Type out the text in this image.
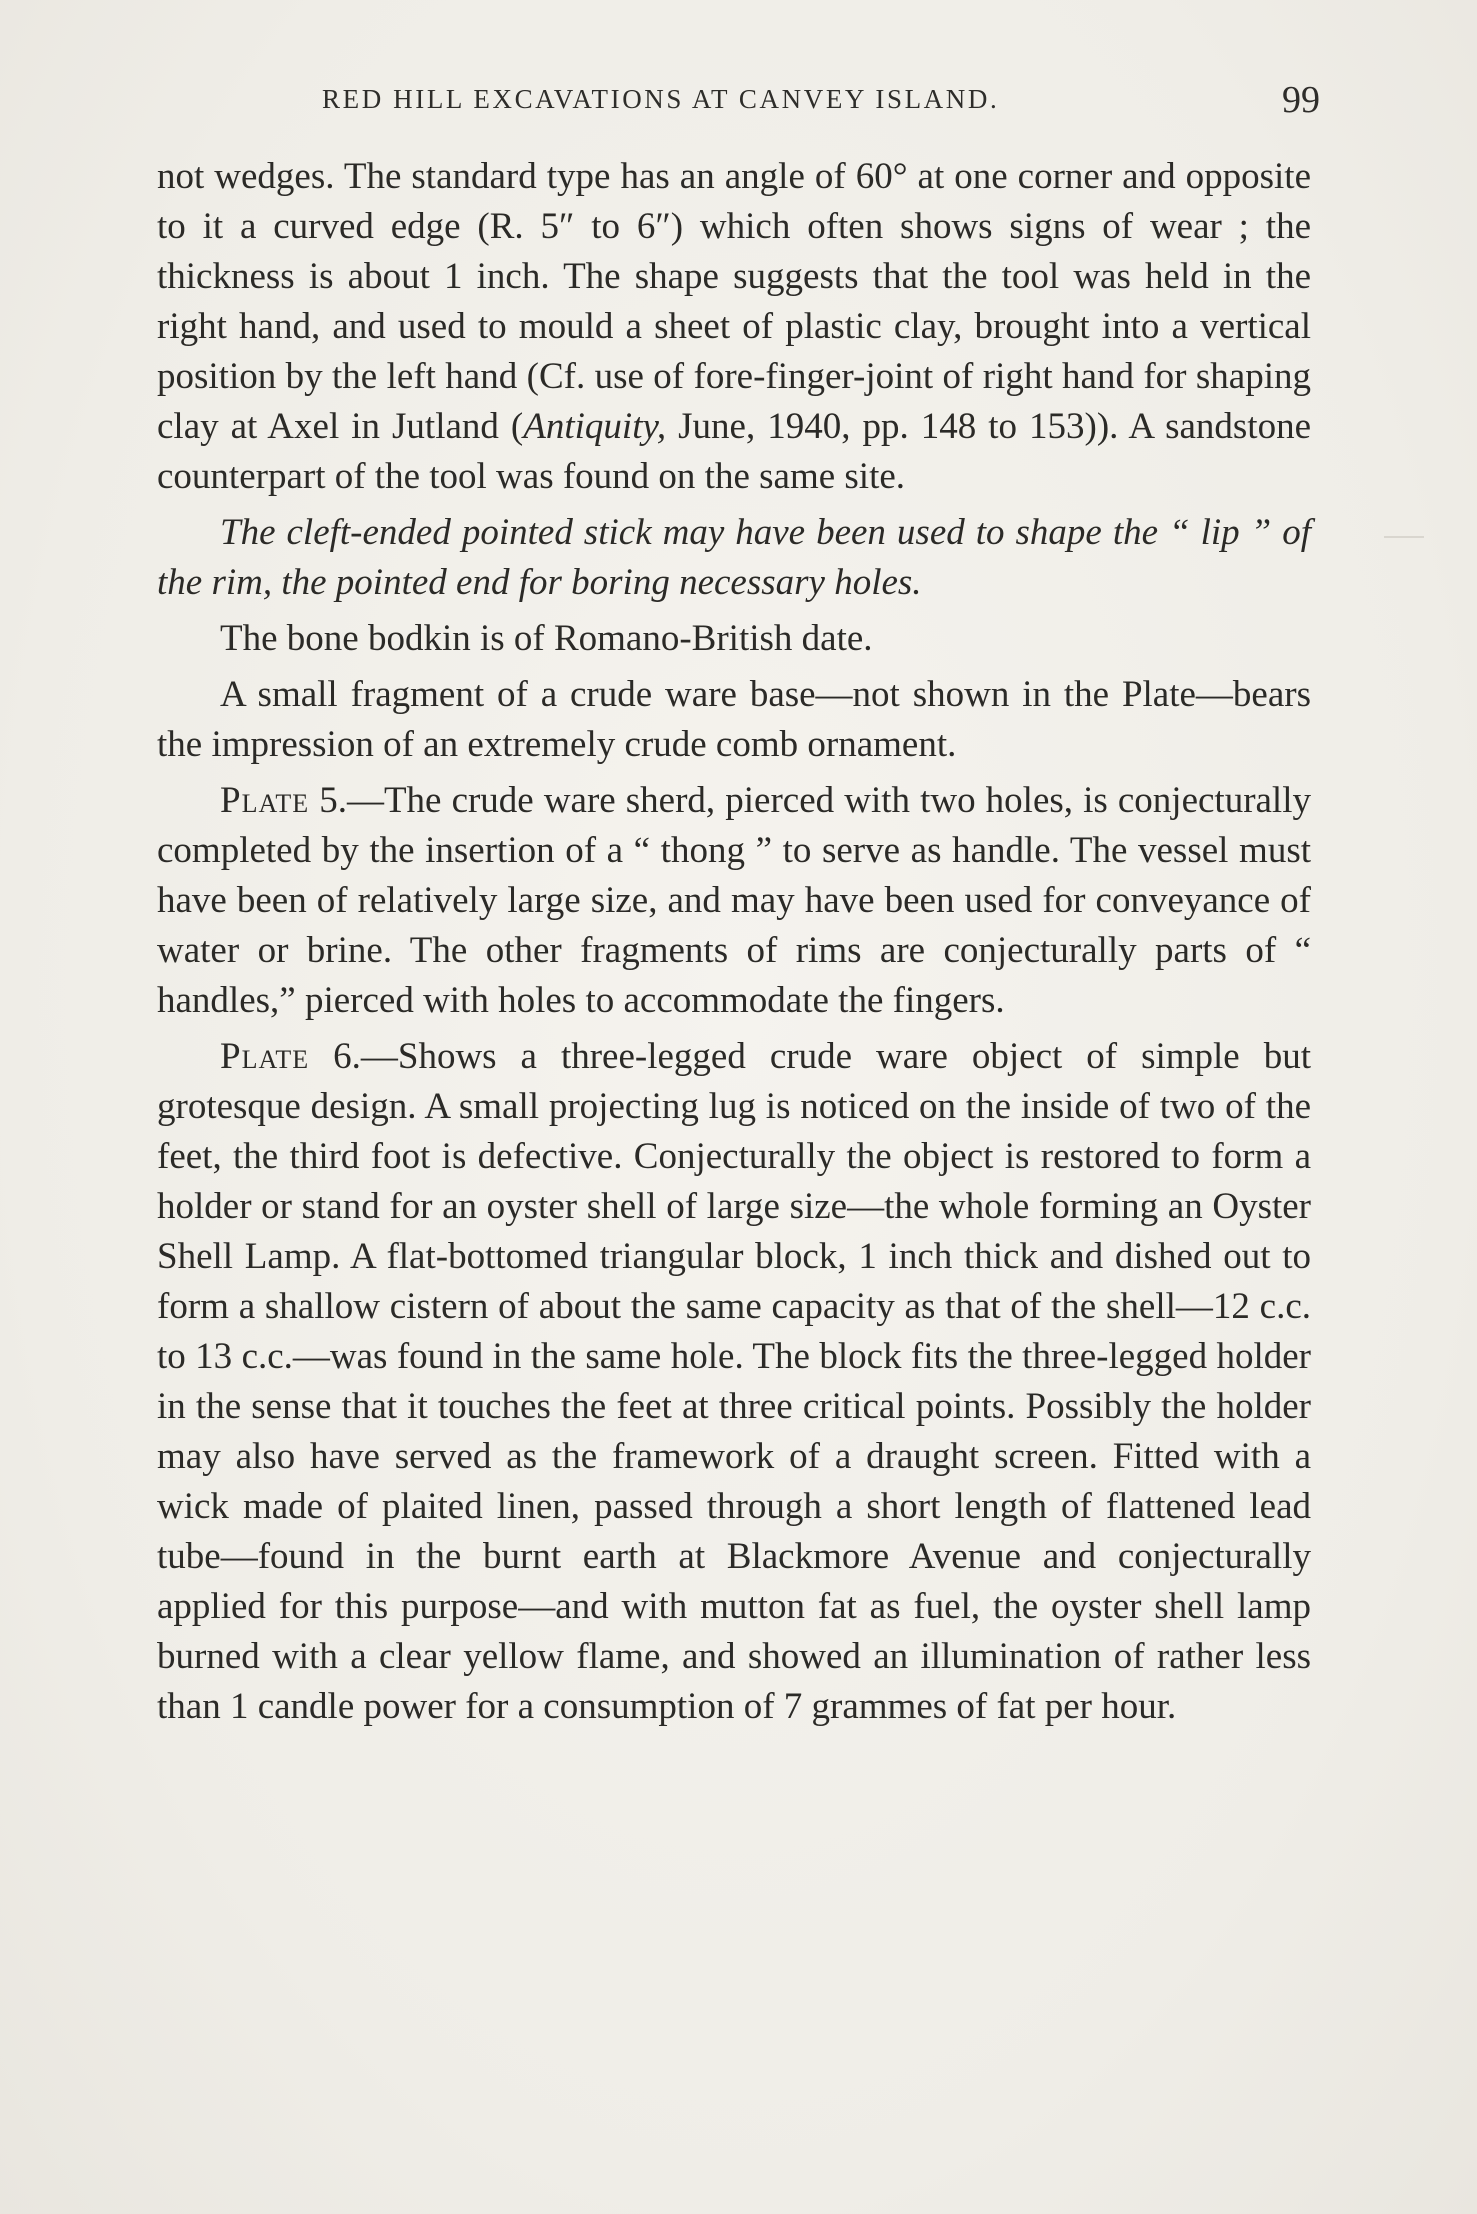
RED HILL EXCAVATIONS AT CANVEY ISLAND.	99

not wedges. The standard type has an angle of 60° at one corner and opposite to it a curved edge (R. 5″ to 6″) which often shows signs of wear ; the thickness is about 1 inch. The shape suggests that the tool was held in the right hand, and used to mould a sheet of plastic clay, brought into a vertical position by the left hand (Cf. use of fore-finger-joint of right hand for shaping clay at Axel in Jutland (Antiquity, June, 1940, pp. 148 to 153)). A sandstone counterpart of the tool was found on the same site.

The cleft-ended pointed stick may have been used to shape the “ lip ” of the rim, the pointed end for boring necessary holes.

The bone bodkin is of Romano-British date.

A small fragment of a crude ware base—not shown in the Plate—bears the impression of an extremely crude comb ornament.

Plate 5.—The crude ware sherd, pierced with two holes, is conjecturally completed by the insertion of a “ thong ” to serve as handle. The vessel must have been of relatively large size, and may have been used for conveyance of water or brine. The other fragments of rims are conjecturally parts of “ handles,” pierced with holes to accommodate the fingers.

Plate 6.—Shows a three-legged crude ware object of simple but grotesque design. A small projecting lug is noticed on the inside of two of the feet, the third foot is defective. Conjecturally the object is restored to form a holder or stand for an oyster shell of large size—the whole forming an Oyster Shell Lamp. A flat-bottomed triangular block, 1 inch thick and dished out to form a shallow cistern of about the same capacity as that of the shell—12 c.c. to 13 c.c.—was found in the same hole. The block fits the three-legged holder in the sense that it touches the feet at three critical points. Possibly the holder may also have served as the framework of a draught screen. Fitted with a wick made of plaited linen, passed through a short length of flattened lead tube—found in the burnt earth at Blackmore Avenue and conjecturally applied for this purpose—and with mutton fat as fuel, the oyster shell lamp burned with a clear yellow flame, and showed an illumination of rather less than 1 candle power for a consumption of 7 grammes of fat per hour.
